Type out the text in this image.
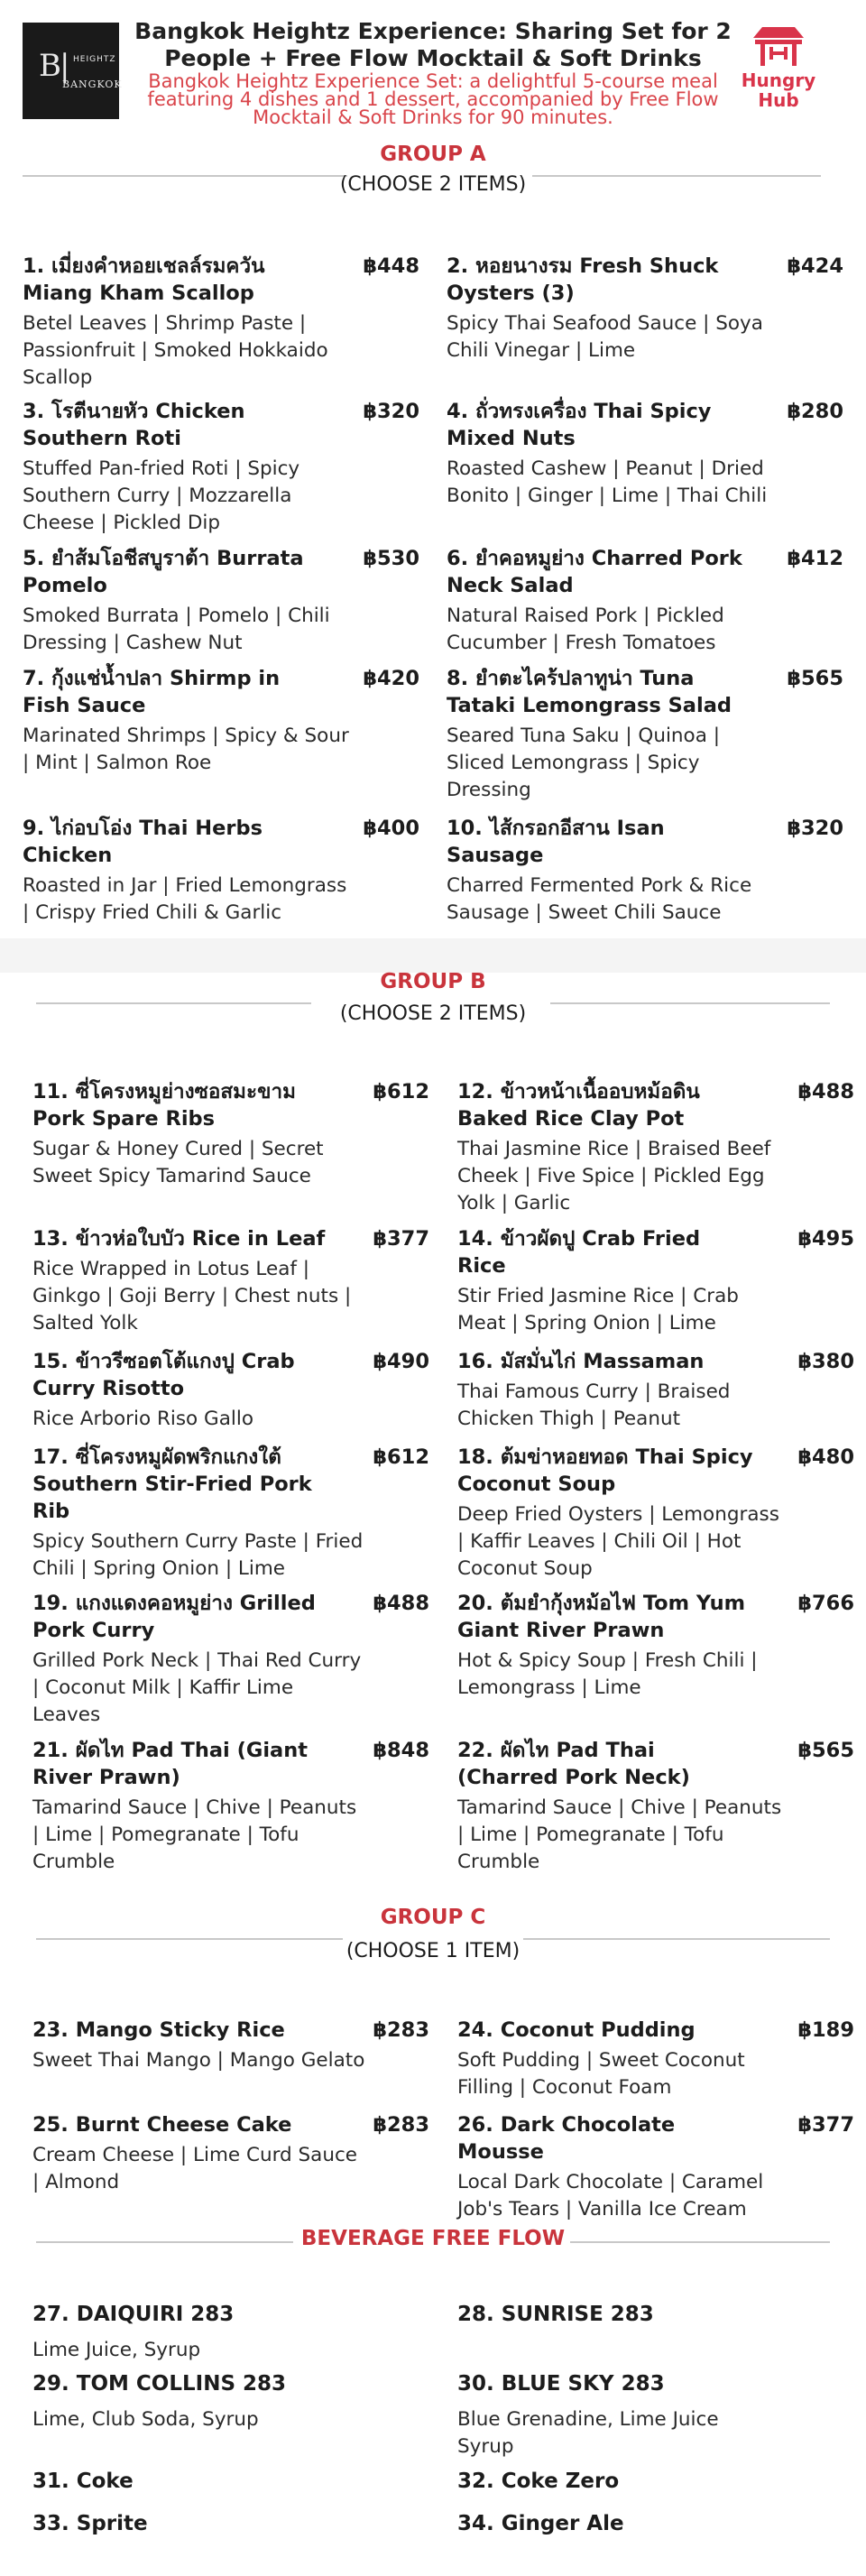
B| HEIGHTZ
BANGKOK
Bangkok Heightz Experience: Sharing Set for 2 People + Free Flow Mocktail & Soft Drinks
Bangkok Heightz Experience Set: a delightful 5-course meal featuring 4 dishes and 1 dessert, accompanied by Free Flow Mocktail & Soft Drinks for 90 minutes.
Hungry Hub
GROUP A
(CHOOSE 2 ITEMS)
1. เมี่ยงคำหอยเชลล์รมควัน Miang Kham Scallop
฿448
Betel Leaves | Shrimp Paste | Passionfruit | Smoked Hokkaido Scallop
2. หอยนางรม Fresh Shuck Oysters (3)
฿424
Spicy Thai Seafood Sauce | Soya Chili Vinegar | Lime
3. โรตีนายหัว Chicken Southern Roti
฿320
Stuffed Pan-fried Roti | Spicy Southern Curry | Mozzarella Cheese | Pickled Dip
4. ถั่วทรงเครื่อง Thai Spicy Mixed Nuts
฿280
Roasted Cashew | Peanut | Dried Bonito | Ginger | Lime | Thai Chili
5. ยำส้มโอชีสบูราต้า Burrata Pomelo
฿530
Smoked Burrata | Pomelo | Chili Dressing | Cashew Nut
6. ยำคอหมูย่าง Charred Pork Neck Salad
฿412
Natural Raised Pork | Pickled Cucumber | Fresh Tomatoes
7. กุ้งแช่น้ำปลา Shirmp in Fish Sauce
฿420
Marinated Shrimps | Spicy & Sour | Mint | Salmon Roe
8. ยำตะไคร้ปลาทูน่า Tuna Tataki Lemongrass Salad
฿565
Seared Tuna Saku | Quinoa | Sliced Lemongrass | Spicy Dressing
9. ไก่อบโอ่ง Thai Herbs Chicken
฿400
Roasted in Jar | Fried Lemongrass | Crispy Fried Chili & Garlic
10. ไส้กรอกอีสาน Isan Sausage
฿320
Charred Fermented Pork & Rice Sausage | Sweet Chili Sauce
GROUP B
(CHOOSE 2 ITEMS)
11. ซี่โครงหมูย่างซอสมะขาม Pork Spare Ribs
฿612
Sugar & Honey Cured | Secret Sweet Spicy Tamarind Sauce
12. ข้าวหน้าเนื้ออบหม้อดิน Baked Rice Clay Pot
฿488
Thai Jasmine Rice | Braised Beef Cheek | Five Spice | Pickled Egg Yolk | Garlic
13. ข้าวห่อใบบัว Rice in Leaf ฿377
Rice Wrapped in Lotus Leaf | Ginkgo | Goji Berry | Chest nuts | Salted Yolk
14. ข้าวผัดปู Crab Fried Rice
฿495
Stir Fried Jasmine Rice | Crab Meat | Spring Onion | Lime
15. ข้าวรีซอตโต้แกงปู Crab Curry Risotto
฿490
Rice Arborio Riso Gallo
16. มัสมั่นไก่ Massaman	฿380
Thai Famous Curry | Braised Chicken Thigh | Peanut
17. ซี่โครงหมูผัดพริกแกงใต้ Southern Stir-Fried Pork Rib
฿612
Spicy Southern Curry Paste | Fried Chili | Spring Onion | Lime
18. ต้มข่าหอยทอด Thai Spicy Coconut Soup
฿480
Deep Fried Oysters | Lemongrass | Kaffir Leaves | Chili Oil | Hot Coconut Soup
19. แกงแดงคอหมูย่าง Grilled Pork Curry
฿488
Grilled Pork Neck | Thai Red Curry | Coconut Milk | Kaffir Lime Leaves
20. ต้มยำกุ้งหม้อไฟ Tom Yum Giant River Prawn
฿766
Hot & Spicy Soup | Fresh Chili | Lemongrass | Lime
21. ผัดไท Pad Thai (Giant River Prawn)
฿848
Tamarind Sauce | Chive | Peanuts | Lime | Pomegranate | Tofu Crumble
22. ผัดไท Pad Thai (Charred Pork Neck)
฿565
Tamarind Sauce | Chive | Peanuts | Lime | Pomegranate | Tofu Crumble
GROUP C
(CHOOSE 1 ITEM)
23. Mango Sticky Rice	฿283
Sweet Thai Mango | Mango Gelato
24. Coconut Pudding	฿189
Soft Pudding | Sweet Coconut Filling | Coconut Foam
25. Burnt Cheese Cake	฿283
Cream Cheese | Lime Curd Sauce | Almond
26. Dark Chocolate Mousse
฿377
Local Dark Chocolate | Caramel Job's Tears | Vanilla Ice Cream
BEVERAGE FREE FLOW
27. DAIQUIRI 283
Lime Juice, Syrup
28. SUNRISE 283
29. TOM COLLINS 283
Lime, Club Soda, Syrup
30. BLUE SKY 283
Blue Grenadine, Lime Juice Syrup
31. Coke	32. Coke Zero
33. Sprite	34. Ginger Ale
